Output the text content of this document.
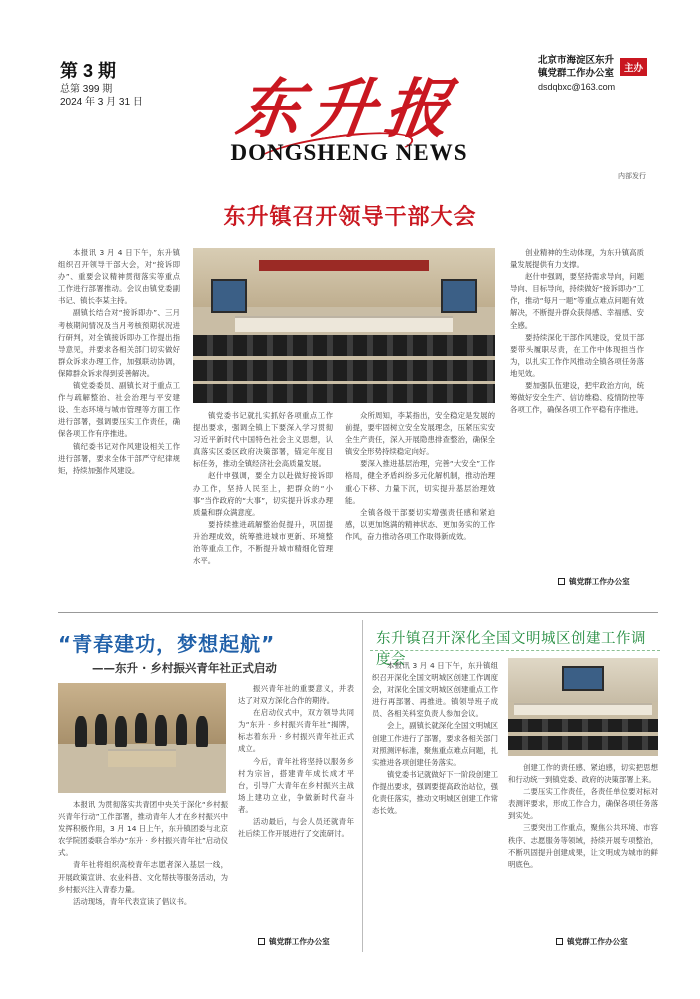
第 3 期
总第 399 期
2024 年 3 月 31 日	东升报
DONGSHENG NEWS
北京市海淀区东升镇党群工作办公室	主办
dsdqbxc@163.com
内部发行
东升镇召开领导干部大会

本报讯 3 月 4 日下午，东升镇组织召开领导干部大会，对“接诉即办”、重要会议精神贯彻落实等重点工作进行部署推动。会议由镇党委副书记、镇长李某主持。

副镇长结合对“接诉即办”、三月考核期间情况及当月考核预期状况进行研判，对全镇接诉即办工作提出指导意见，并要求各相关部门切实做好群众诉求办理工作，加强联动协调，保障群众诉求得到妥善解决。

镇党委委员、副镇长对于重点工作与疏解整治、社会治理与平安建设、生态环境与城市管理等方面工作进行部署，强调要压实工作责任，确保各项工作有序推进。

镇纪委书记对作风建设相关工作进行部署，要求全体干部严守纪律规矩，持续加强作风建设。

镇党委书记就扎实抓好各项重点工作提出要求，强调全镇上下要深入学习贯彻习近平新时代中国特色社会主义思想，认真落实区委区政府决策部署，锚定年度目标任务，推动全镇经济社会高质量发展。

赵什申强调，要全力以赴做好接诉即办工作，坚持人民至上，把群众的“小事”当作政府的“大事”，切实提升诉求办理质量和群众满意度。

要持续推进疏解整治促提升，巩固提升治理成效，统筹推进城市更新、环境整治等重点工作，不断提升城市精细化管理水平。

众所周知，李某指出，安全稳定是发展的前提，要牢固树立安全发展理念，压紧压实安全生产责任，深入开展隐患排查整治，确保全镇安全形势持续稳定向好。

要深入推进基层治理，完善“大安全”工作格局，健全矛盾纠纷多元化解机制，推动治理重心下移、力量下沉，切实提升基层治理效能。

全镇各级干部要切实增强责任感和紧迫感，以更加饱满的精神状态、更加务实的工作作风，奋力推动各项工作取得新成效。

创业精神的生动体现，为东升镇高质量发展提供有力支撑。

赵什申强调，要坚持需求导向，问题导向、目标导向，持续做好“接诉即办”工作，推动“每月一题”等重点难点问题有效解决，不断提升群众获得感、幸福感、安全感。

要持续深化干部作风建设，党员干部要带头履职尽责，在工作中体现担当作为，以扎实工作作风推动全镇各项任务落地见效。

要加强队伍建设，把牢政治方向，统筹做好安全生产、信访维稳、疫情防控等各项工作，确保各项工作平稳有序推进。

镇党群工作办公室
“青春建功，梦想起航”
——东升 · 乡村振兴青年社正式启动

本报讯 为贯彻落实共青团中央关于深化“乡村振兴青年行动”工作部署，推动青年人才在乡村振兴中发挥积极作用，3 月 14 日上午，东升镇团委与北京农学院团委联合举办“东升 · 乡村振兴青年社”启动仪式。

青年社将组织高校青年志愿者深入基层一线，开展政策宣讲、农业科普、文化帮扶等服务活动，为乡村振兴注入青春力量。

活动现场，青年代表宣读了倡议书。

振兴青年社的重要意义，并表达了对双方深化合作的期待。

在启动仪式中，双方领导共同为“东升 · 乡村振兴青年社”揭牌，标志着东升 · 乡村振兴青年社正式成立。

今后，青年社将坚持以服务乡村为宗旨，搭建青年成长成才平台，引导广大青年在乡村振兴主战场上建功立业，争做新时代奋斗者。

活动最后，与会人员还就青年社后续工作开展进行了交流研讨。

镇党群工作办公室
东升镇召开深化全国文明城区创建工作调度会

本报讯 3 月 4 日下午，东升镇组织召开深化全国文明城区创建工作调度会，对深化全国文明城区创建重点工作进行再部署、再推进。镇领导班子成员、各相关科室负责人参加会议。

会上，副镇长就深化全国文明城区创建工作进行了部署，要求各相关部门对照测评标准，聚焦重点难点问题，扎实推进各项创建任务落实。

镇党委书记就做好下一阶段创建工作提出要求，强调要提高政治站位，强化责任落实，推动文明城区创建工作常态长效。

创建工作的责任感、紧迫感，切实把思想和行动统一到镇党委、政府的决策部署上来。

二要压实工作责任，各责任单位要对标对表测评要求，形成工作合力，确保各项任务落到实处。

三要突出工作重点，聚焦公共环境、市容秩序、志愿服务等领域，持续开展专项整治，不断巩固提升创建成果，让文明成为城市的鲜明底色。

镇党群工作办公室
